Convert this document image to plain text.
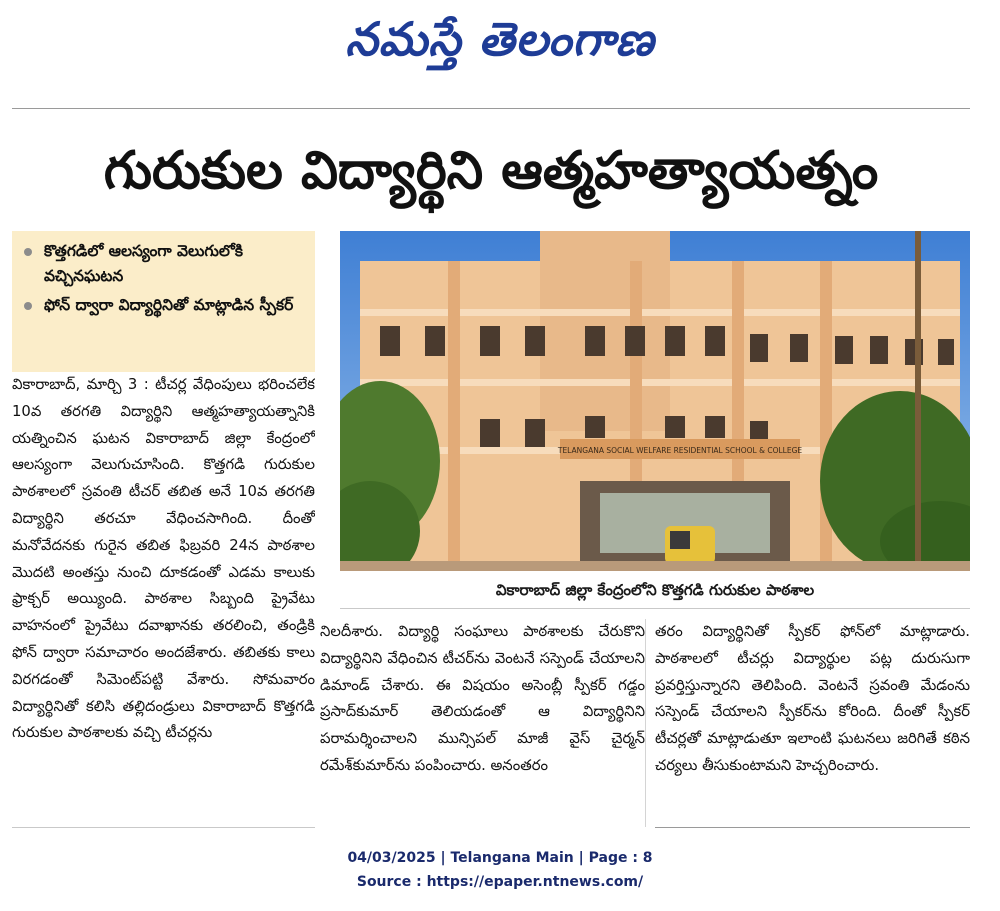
నమస్తే తెలంగాణ
గురుకుల విద్యార్థిని ఆత్మహత్యాయత్నం
కొత్తగడిలో ఆలస్యంగా వెలుగులోకి వచ్చినఘటన
ఫోన్ ద్వారా విద్యార్థినితో మాట్లాడిన స్పీకర్
TELANGANA SOCIAL WELFARE RESIDENTIAL SCHOOL & COLLEGE
వికారాబాద్ జిల్లా కేంద్రంలోని కొత్తగడి గురుకుల పాఠశాల

వికారాబాద్, మార్చి 3 : టీచర్ల వేధింపులు భరించలేక 10వ తరగతి విద్యార్థిని ఆత్మహత్యాయత్నానికి యత్నించిన ఘటన వికారాబాద్ జిల్లా కేంద్రంలో ఆలస్యంగా వెలుగుచూసింది. కొత్తగడి గురుకుల పాఠశాలలో స్రవంతి టీచర్ తబిత అనే 10వ తరగతి విద్యార్థిని తరచూ వేధించసాగింది. దీంతో మనోవేదనకు గురైన తబిత ఫిబ్రవరి 24న పాఠశాల మొదటి అంతస్తు నుంచి దూకడంతో ఎడమ కాలుకు ఫ్రాక్చర్ అయ్యింది. పాఠశాల సిబ్బంది ప్రైవేటు వాహనంలో ప్రైవేటు దవాఖానకు తరలించి, తండ్రికి ఫోన్ ద్వారా సమాచారం అందజేశారు. తబితకు కాలు విరగడంతో సిమెంట్‌పట్టి వేశారు. సోమవారం విద్యార్థినితో కలిసి తల్లిదండ్రులు వికారాబాద్ కొత్తగడి గురుకుల పాఠశాలకు వచ్చి టీచర్లను

నిలదీశారు. విద్యార్థి సంఘాలు పాఠశాలకు చేరుకొని విద్యార్థినిని వేధించిన టీచర్‌ను వెంటనే సస్పెండ్ చేయాలని డిమాండ్ చేశారు. ఈ విషయం అసెంబ్లీ స్పీకర్ గడ్డం ప్రసాద్‌కుమార్ తెలియడంతో ఆ విద్యార్థినిని పరామర్శించాలని మున్సిపల్ మాజీ వైస్ చైర్మన్ రమేశ్‌కుమార్‌ను పంపించారు. అనంతరం

తరం విద్యార్థినితో స్పీకర్ ఫోన్‌లో మాట్లాడారు. పాఠశాలలో టీచర్లు విద్యార్థుల పట్ల దురుసుగా ప్రవర్తిస్తున్నారని తెలిపింది. వెంటనే స్రవంతి మేడంను సస్పెండ్ చేయాలని స్పీకర్‌ను కోరింది. దీంతో స్పీకర్ టీచర్లతో మాట్లాడుతూ ఇలాంటి ఘటనలు జరిగితే కఠిన చర్యలు తీసుకుంటామని హెచ్చరించారు.

04/03/2025 | Telangana Main | Page : 8
Source : https://epaper.ntnews.com/
